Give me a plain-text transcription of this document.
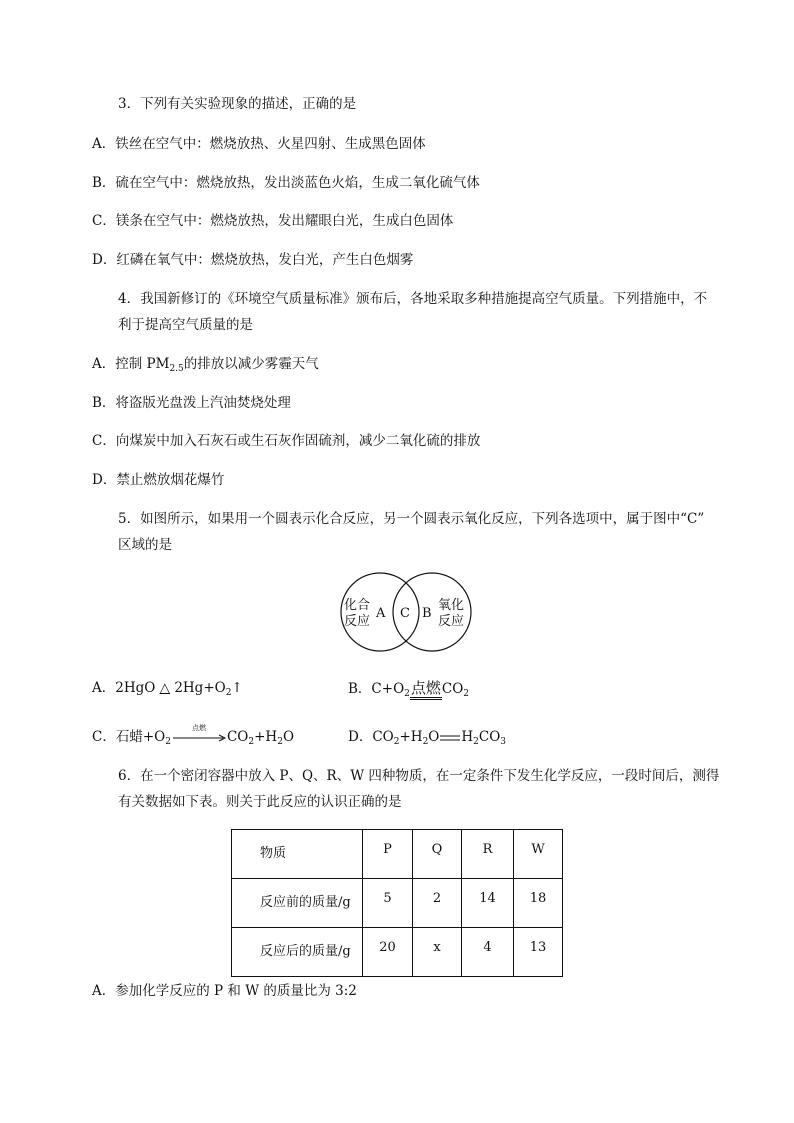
3．下列有关实验现象的描述，正确的是
A．铁丝在空气中：燃烧放热、火星四射、生成黑色固体
B．硫在空气中：燃烧放热，发出淡蓝色火焰，生成二氧化硫气体
C．镁条在空气中：燃烧放热，发出耀眼白光，生成白色固体
D．红磷在氧气中：燃烧放热，发白光，产生白色烟雾
4．我国新修订的《环境空气质量标准》颁布后，各地采取多种措施提高空气质量。下列措施中，不
利于提高空气质量的是
A．控制 $PM_{2.5}$的排放以减少雾霾天气
B．将盗版光盘泼上汽油焚烧处理
C．向煤炭中加入石灰石或生石灰作固硫剂，减少二氧化硫的排放
D．禁止燃放烟花爆竹
5．如图所示，如果用一个圆表示化合反应，另一个圆表示氧化反应，下列各选项中，属于图中“C”
区域的是
化合
反应
A C B
氧化
反应
A．2HgO △ $2Hg+O_2↑$	B．$C+O_2$点燃$CO_2$
C．石蜡$+O_2$
点燃
$CO_2+H_2O$	D．$CO_2+H_2O$ $H_2CO_3$
6．在一个密闭容器中放入 P、Q、R、W 四种物质，在一定条件下发生化学反应，一段时间后，测得
有关数据如下表。则关于此反应的认识正确的是
物质	P	Q	R	W
反应前的质量/g	5	2	14	18
反应后的质量/g	20	x	4	13
A．参加化学反应的 P 和 W 的质量比为 3:2
